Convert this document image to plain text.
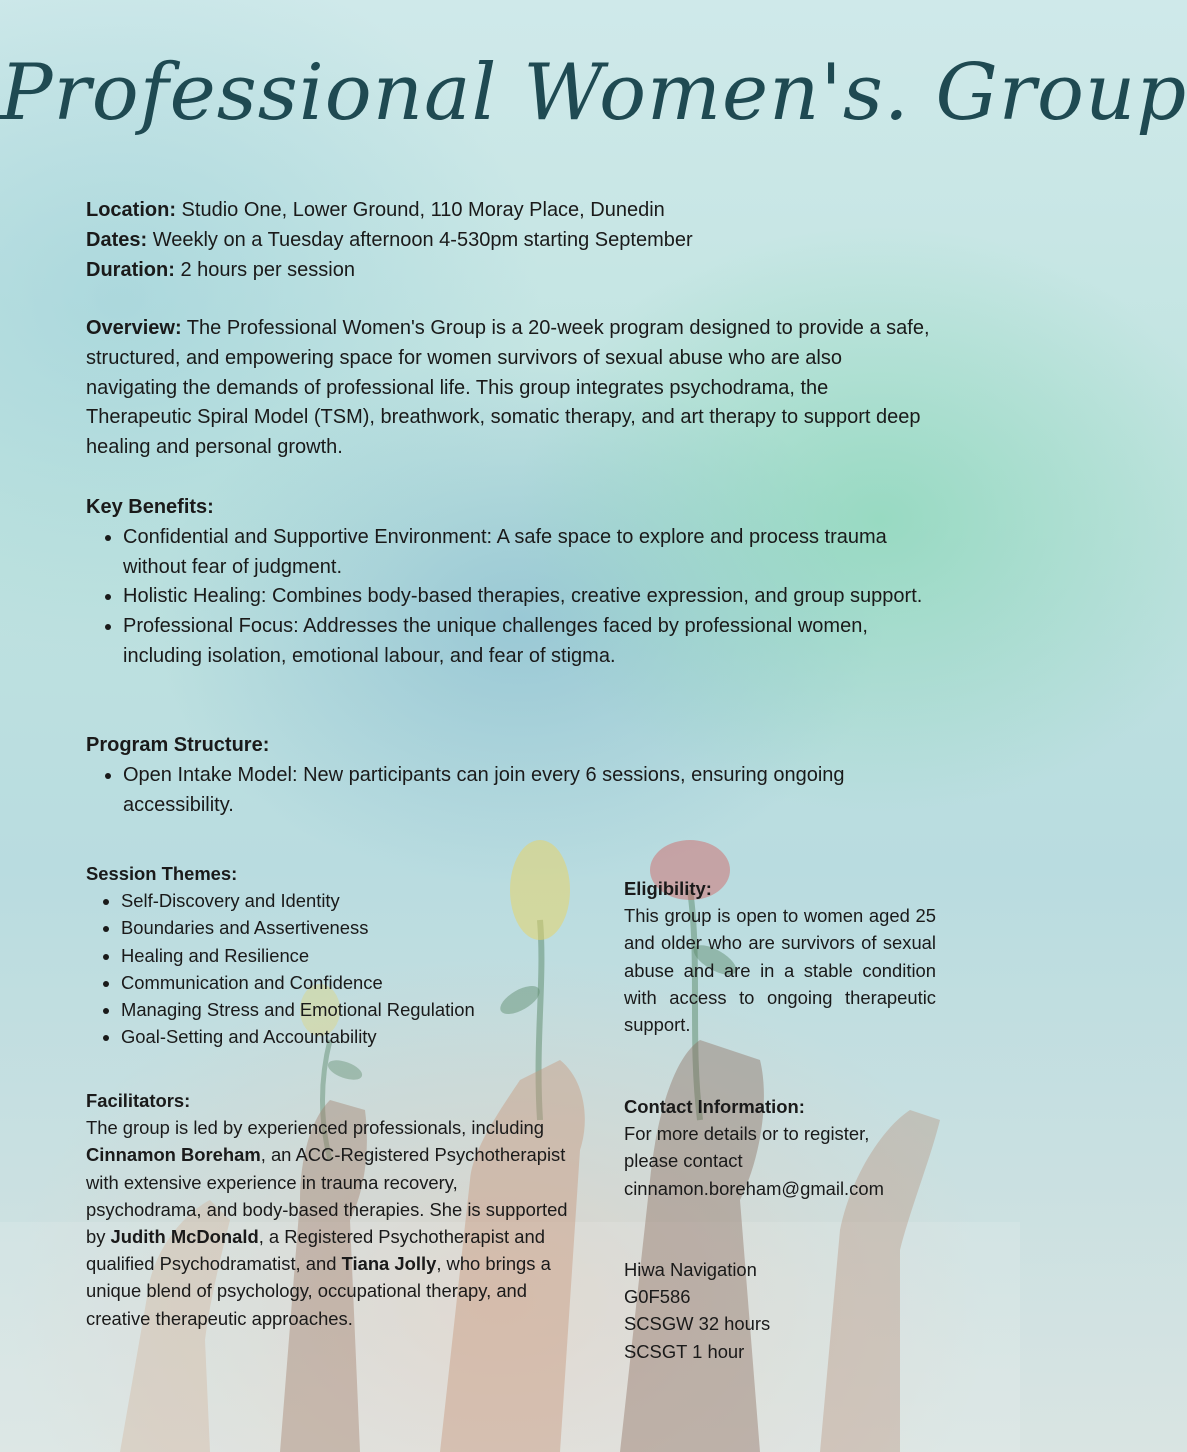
Professional Women's. Group
Location: Studio One, Lower Ground, 110 Moray Place, Dunedin
Dates: Weekly on a Tuesday afternoon 4-530pm starting September
Duration: 2 hours per session
Overview: The Professional Women's Group is a 20-week program designed to provide a safe, structured, and empowering space for women survivors of sexual abuse who are also navigating the demands of professional life. This group integrates psychodrama, the Therapeutic Spiral Model (TSM), breathwork, somatic therapy, and art therapy to support deep healing and personal growth.
Key Benefits:
• Confidential and Supportive Environment: A safe space to explore and process trauma without fear of judgment.
• Holistic Healing: Combines body-based therapies, creative expression, and group support.
• Professional Focus: Addresses the unique challenges faced by professional women, including isolation, emotional labour, and fear of stigma.
Program Structure:
• Open Intake Model: New participants can join every 6 sessions, ensuring ongoing accessibility.
Session Themes:
• Self-Discovery and Identity
• Boundaries and Assertiveness
• Healing and Resilience
• Communication and Confidence
• Managing Stress and Emotional Regulation
• Goal-Setting and Accountability
Facilitators:
The group is led by experienced professionals, including Cinnamon Boreham, an ACC-Registered Psychotherapist with extensive experience in trauma recovery, psychodrama, and body-based therapies. She is supported by Judith McDonald, a Registered Psychotherapist and qualified Psychodramatist, and Tiana Jolly, who brings a unique blend of psychology, occupational therapy, and creative therapeutic approaches.
Eligibility:
This group is open to women aged 25 and older who are survivors of sexual abuse and are in a stable condition with access to ongoing therapeutic support.
Contact Information:
For more details or to register,
please contact
cinnamon.boreham@gmail.com
Hiwa Navigation
G0F586
SCSGW 32 hours
SCSGT 1 hour
